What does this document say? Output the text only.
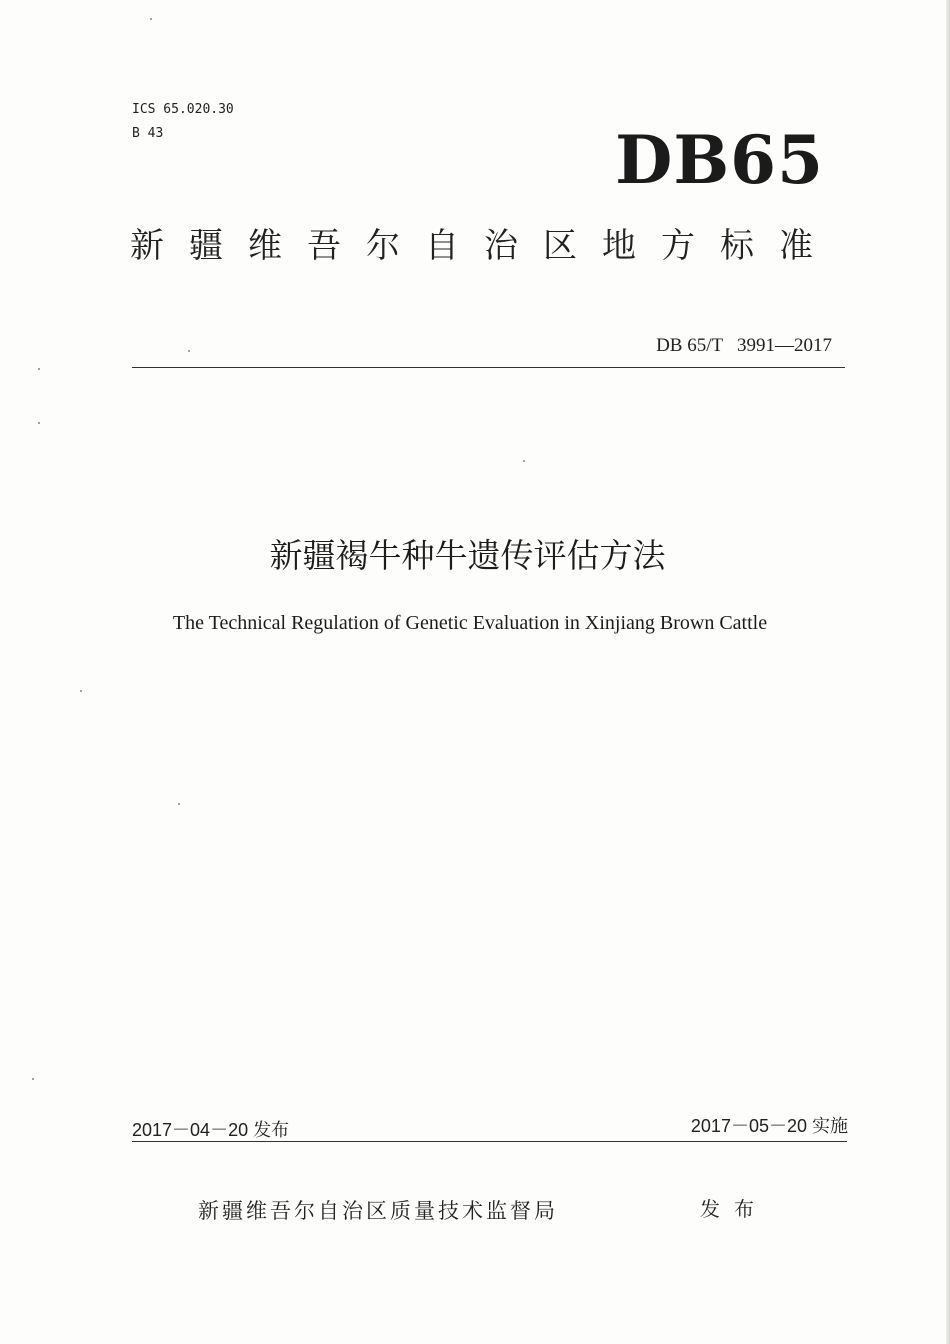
ICS 65.020.30
B 43	DB65
新疆维吾尔自治区地方标准
DB 65/T   3991—2017
新疆褐牛种牛遗传评估方法
The Technical Regulation of Genetic Evaluation in Xinjiang Brown Cattle
2017－04－20 发布	2017－05－20 实施
新疆维吾尔自治区质量技术监督局	发布
